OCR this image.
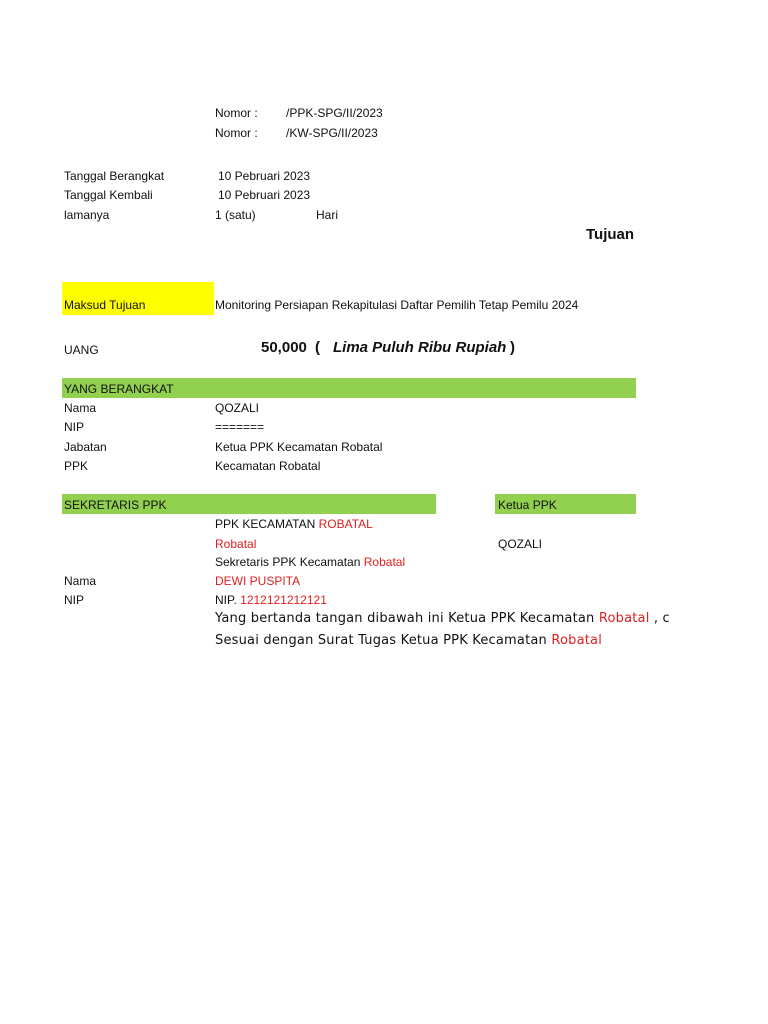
Nomor : /PPK-SPG/II/2023
Nomor : /KW-SPG/II/2023
Tanggal Berangkat	10 Pebruari 2023
Tanggal Kembali	10 Pebruari 2023
lamanya	1 (satu)	Hari
Tujuan
Maksud Tujuan	Monitoring Persiapan Rekapitulasi Daftar Pemilih Tetap Pemilu 2024
UANG	50,000 ( Lima Puluh Ribu Rupiah )
YANG BERANGKAT
Nama	QOZALI
NIP	=======
Jabatan	Ketua PPK Kecamatan Robatal
PPK	Kecamatan Robatal
SEKRETARIS PPK	Ketua PPK
PPK KECAMATAN ROBATAL
Robatal	QOZALI
Sekretaris PPK Kecamatan Robatal
Nama	DEWI PUSPITA
NIP	NIP. 1212121212121
Yang bertanda tangan dibawah ini Ketua PPK Kecamatan Robatal , c
Sesuai dengan Surat Tugas Ketua PPK Kecamatan Robatal
